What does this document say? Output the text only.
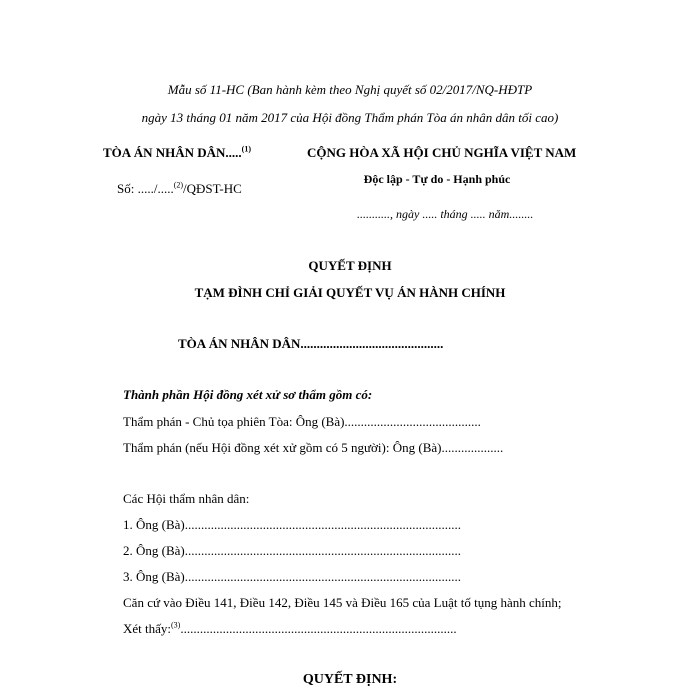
Mẫu số 11-HC (Ban hành kèm theo Nghị quyết số 02/2017/NQ-HĐTP
ngày 13 tháng 01 năm 2017 của Hội đồng Thẩm phán Tòa án nhân dân tối cao)
TÒA ÁN NHÂN DÂN.....$^{(1)}$
Số: ...../.....$^{(2)}$/QĐST-HC
CỘNG HÒA XÃ HỘI CHỦ NGHĨA VIỆT NAM
Độc lập - Tự do - Hạnh phúc
..........., ngày ..... tháng ..... năm........
QUYẾT ĐỊNH
TẠM ĐÌNH CHỈ GIẢI QUYẾT VỤ ÁN HÀNH CHÍNH
TÒA ÁN NHÂN DÂN............................................
Thành phần Hội đồng xét xử sơ thẩm gồm có:
Thẩm phán - Chủ tọa phiên Tòa: Ông (Bà)..........................................
Thẩm phán (nếu Hội đồng xét xử gồm có 5 người): Ông (Bà)...................
Các Hội thẩm nhân dân:
1. Ông (Bà).....................................................................................
2. Ông (Bà).....................................................................................
3. Ông (Bà).....................................................................................
Căn cứ vào Điều 141, Điều 142, Điều 145 và Điều 165 của Luật tố tụng hành chính;
Xét thấy:$^{(3)}$.....................................................................................
QUYẾT ĐỊNH:
